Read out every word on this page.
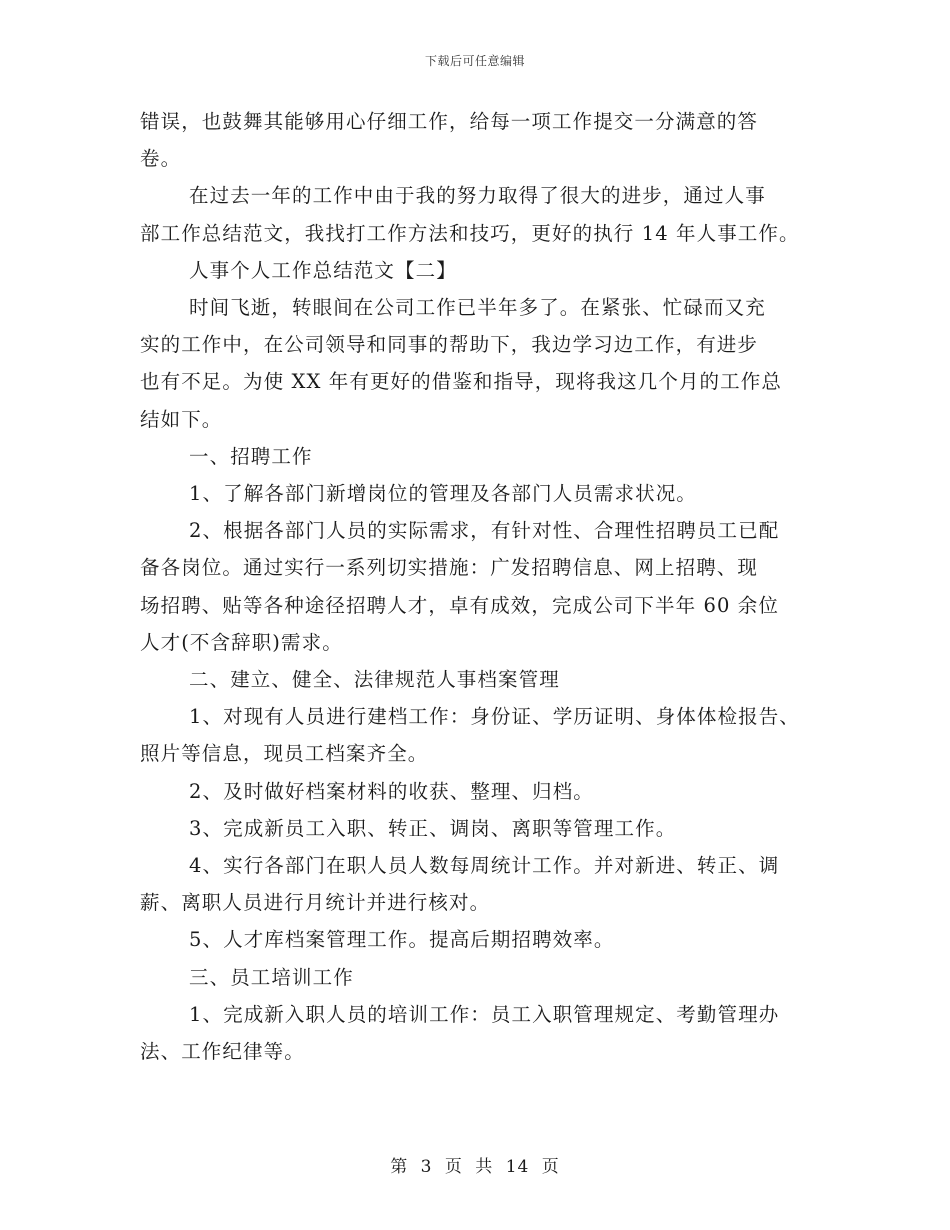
下载后可任意编辑

错误，也鼓舞其能够用心仔细工作，给每一项工作提交一分满意的答

卷。

在过去一年的工作中由于我的努力取得了很大的进步，通过人事

部工作总结范文，我找打工作方法和技巧，更好的执行 14 年人事工作。

人事个人工作总结范文【二】

时间飞逝，转眼间在公司工作已半年多了。在紧张、忙碌而又充

实的工作中，在公司领导和同事的帮助下，我边学习边工作，有进步

也有不足。为使 XX 年有更好的借鉴和指导，现将我这几个月的工作总

结如下。

一、招聘工作

1、了解各部门新增岗位的管理及各部门人员需求状况。

2、根据各部门人员的实际需求，有针对性、合理性招聘员工已配

备各岗位。通过实行一系列切实措施：广发招聘信息、网上招聘、现

场招聘、贴等各种途径招聘人才，卓有成效，完成公司下半年 60 余位

人才(不含辞职)需求。

二、建立、健全、法律规范人事档案管理

1、对现有人员进行建档工作：身份证、学历证明、身体体检报告、

照片等信息，现员工档案齐全。

2、及时做好档案材料的收获、整理、归档。

3、完成新员工入职、转正、调岗、离职等管理工作。

4、实行各部门在职人员人数每周统计工作。并对新进、转正、调

薪、离职人员进行月统计并进行核对。

5、人才库档案管理工作。提高后期招聘效率。

三、员工培训工作

1、完成新入职人员的培训工作：员工入职管理规定、考勤管理办

法、工作纪律等。

第 3 页 共 14 页
